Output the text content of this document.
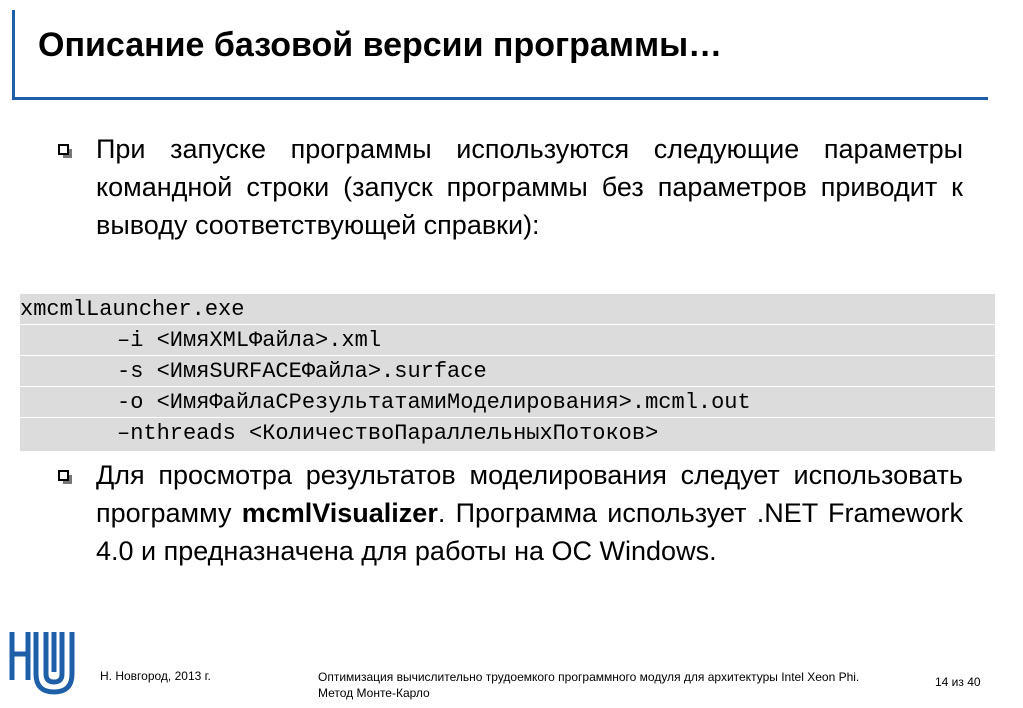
Описание базовой версии программы…
При запуске программы используются следующие параметры командной строки (запуск программы без параметров приводит к выводу соответствующей справки):
xmcmlLauncher.exe
–i <ИмяXMLФайла>.xml
-s <ИмяSURFACEФайла>.surface
-o <ИмяФайлаСРезультатамиМоделирования>.mcml.out
–nthreads <КоличествоПараллельныхПотоков>
Для просмотра результатов моделирования следует использовать программу mcmlVisualizer. Программа использует .NET Framework 4.0 и предназначена для работы на ОС Windows.
Н. Новгород, 2013 г.	Оптимизация вычислительно трудоемкого программного модуля для архитектуры Intel Xeon Phi. Метод Монте-Карло
14 из 40
